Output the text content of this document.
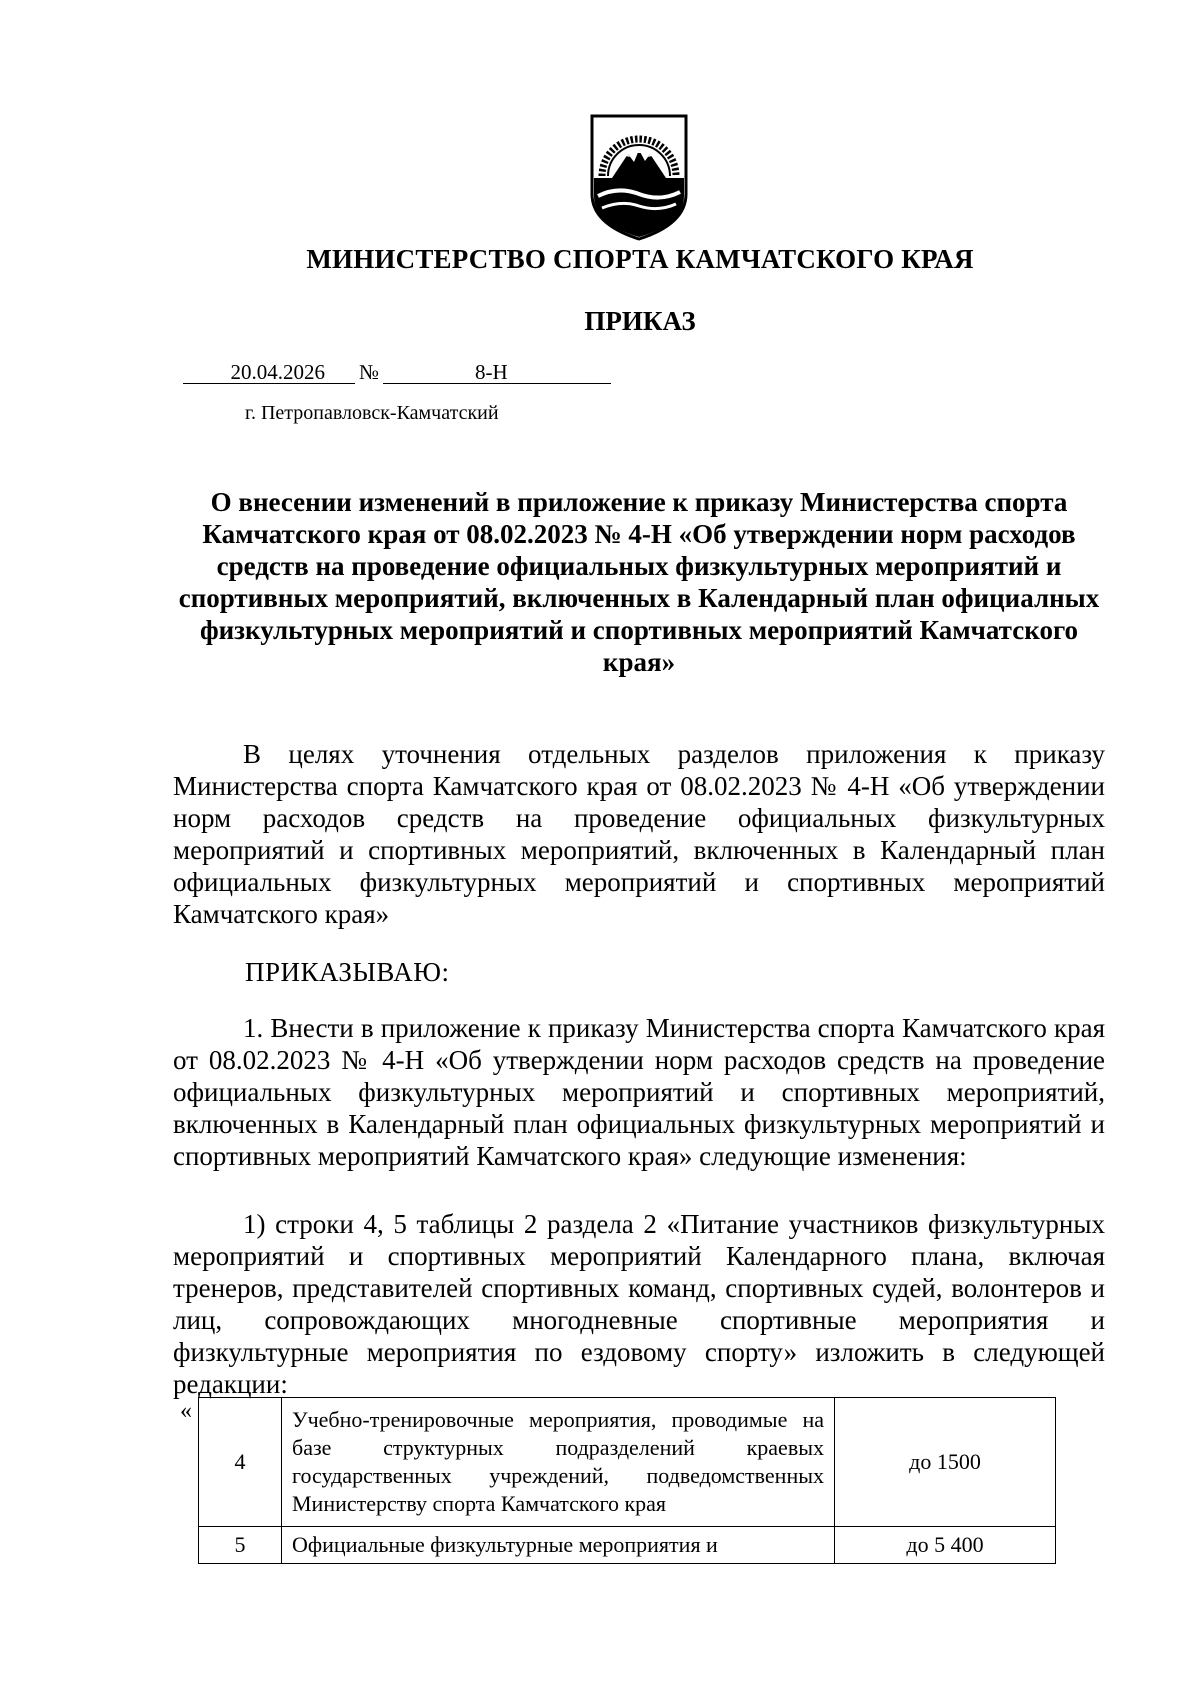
МИНИСТЕРСТВО СПОРТА КАМЧАТСКОГО КРАЯ
ПРИКАЗ
20.04.2026 №	8-Н
г. Петропавловск-Камчатский
О внесении изменений в приложение к приказу Министерства спорта Камчатского края от 08.02.2023 № 4-Н «Об утверждении норм расходов средств на проведение официальных физкультурных мероприятий и спортивных мероприятий, включенных в Календарный план официалных физкультурных мероприятий и спортивных мероприятий Камчатского края»
В целях уточнения отдельных разделов приложения к приказу Министерства спорта Камчатского края от 08.02.2023 № 4-Н «Об утверждении норм расходов средств на проведение официальных физкультурных мероприятий и спортивных мероприятий, включенных в Календарный план официальных физкультурных мероприятий и спортивных мероприятий Камчатского края»
ПРИКАЗЫВАЮ:
1. Внести в приложение к приказу Министерства спорта Камчатского края от 08.02.2023 № 4-Н «Об утверждении норм расходов средств на проведение официальных физкультурных мероприятий и спортивных мероприятий, включенных в Календарный план официальных физкультурных мероприятий и спортивных мероприятий Камчатского края» следующие изменения:
1) строки 4, 5 таблицы 2 раздела 2 «Питание участников физкультурных мероприятий и спортивных мероприятий Календарного плана, включая тренеров, представителей спортивных команд, спортивных судей, волонтеров и лиц, сопровождающих многодневные спортивные мероприятия и физкультурные мероприятия по ездовому спорту» изложить в следующей редакции:
«
4	Учебно-тренировочные мероприятия, проводимые на базе структурных подразделений краевых государственных учреждений, подведомственных Министерству спорта Камчатского края	до 1500
5	Официальные физкультурные мероприятия и	до 5 400
